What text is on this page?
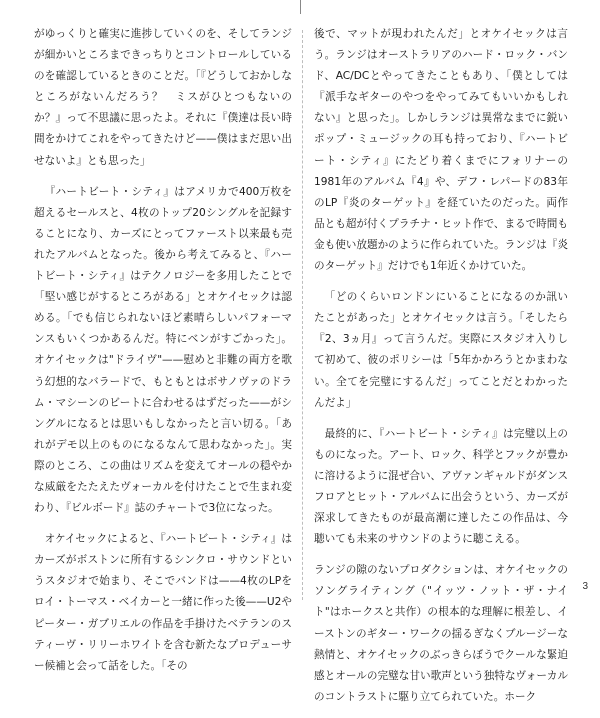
がゆっくりと確実に進捗していくのを、そしてランジが細かいところまできっちりとコントロールしているのを確認しているときのことだ。「『どうしておかしなところがないんだろう？　ミスがひとつもないのか？』って不思議に思ったよ。それに『僕達は長い時間をかけてこれをやってきたけど——僕はまだ思い出せないよ』とも思った」

『ハートビート・シティ』はアメリカで400万枚を超えるセールスと、4枚のトップ20シングルを記録することになり、カーズにとってファースト以来最も売れたアルバムとなった。後から考えてみると、『ハートビート・シティ』はテクノロジーを多用したことで「堅い感じがするところがある」とオケイセックは認める。「でも信じられないほど素晴らしいパフォーマンスもいくつかあるんだ。特にベンがすごかった」。オケイセックは"ドライヴ"——慰めと非難の両方を歌う幻想的なバラードで、もともとはボサノヴァのドラム・マシーンのビートに合わせるはずだった——がシングルになるとは思いもしなかったと言い切る。「あれがデモ以上のものになるなんて思わなかった」。実際のところ、この曲はリズムを変えてオールの穏やかな威厳をたたえたヴォーカルを付けたことで生まれ変わり、『ビルボード』誌のチャートで3位になった。

オケイセックによると、『ハートビート・シティ』はカーズがボストンに所有するシンクロ・サウンドというスタジオで始まり、そこでバンドは——4枚のLPをロイ・トーマス・ベイカーと一緒に作った後——U2やピーター・ガブリエルの作品を手掛けたベテランのスティーヴ・リリーホワイトを含む新たなプロデューサー候補と会って話をした。「その

後で、マットが現われたんだ」とオケイセックは言う。ランジはオーストラリアのハード・ロック・バンド、AC/DCとやってきたこともあり、「僕としては『派手なギターのやつをやってみてもいいかもしれない』と思った」。しかしランジは異常なまでに鋭いポップ・ミュージックの耳も持っており、『ハートビート・シティ』にたどり着くまでにフォリナーの1981年のアルバム『4』や、デフ・レパードの83年のLP『炎のターゲット』を経ていたのだった。両作品とも超が付くプラチナ・ヒット作で、まるで時間も金も使い放題かのように作られていた。ランジは『炎のターゲット』だけでも1年近くかけていた。

「どのくらいロンドンにいることになるのか訊いたことがあった」とオケイセックは言う。「そしたら『2、3ヵ月』って言うんだ。実際にスタジオ入りして初めて、彼のポリシーは「5年かかろうとかまわない。全てを完璧にするんだ」ってことだとわかったんだよ」

最終的に、『ハートビート・シティ』は完璧以上のものになった。アート、ロック、科学とフックが豊かに溶けるように混ぜ合い、アヴァンギャルドがダンスフロアとヒット・アルバムに出会うという、カーズが深求してきたものが最高潮に達したこの作品は、今聴いても未来のサウンドのように聴こえる。

ランジの隙のないプロダクションは、オケイセックのソングライティング（"イッツ・ノット・ザ・ナイト"はホークスと共作）の根本的な理解に根差し、イーストンのギター・ワークの揺るぎなくブルージーな熱情と、オケイセックのぶっきらぼうでクールな緊迫感とオールの完璧な甘い歌声という独特なヴォーカルのコントラストに駆り立てられていた。ホーク

3
